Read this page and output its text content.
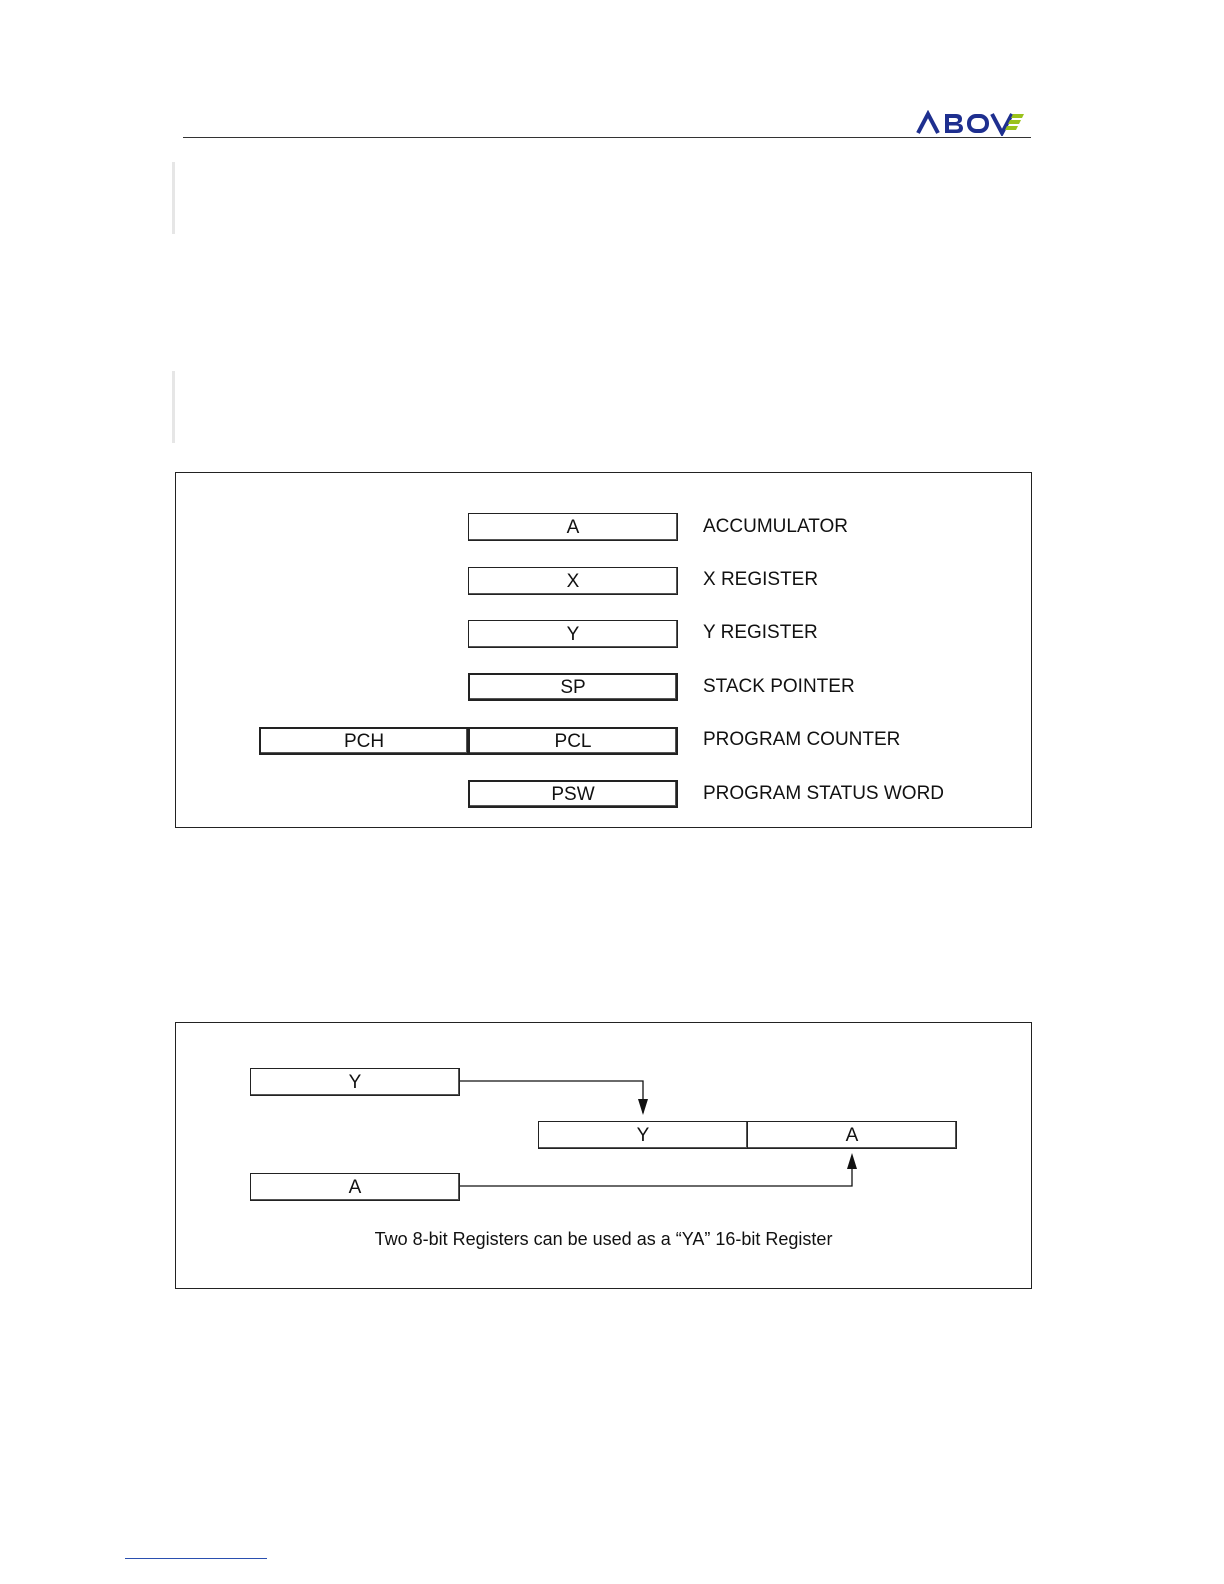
A	ACCUMULATOR
X	X REGISTER
Y	Y REGISTER
SP	STACK POINTER
PCH	PCL	PROGRAM COUNTER
PSW	PROGRAM STATUS WORD
Y
Y	A
A
Two 8-bit Registers can be used as a “YA” 16-bit Register
